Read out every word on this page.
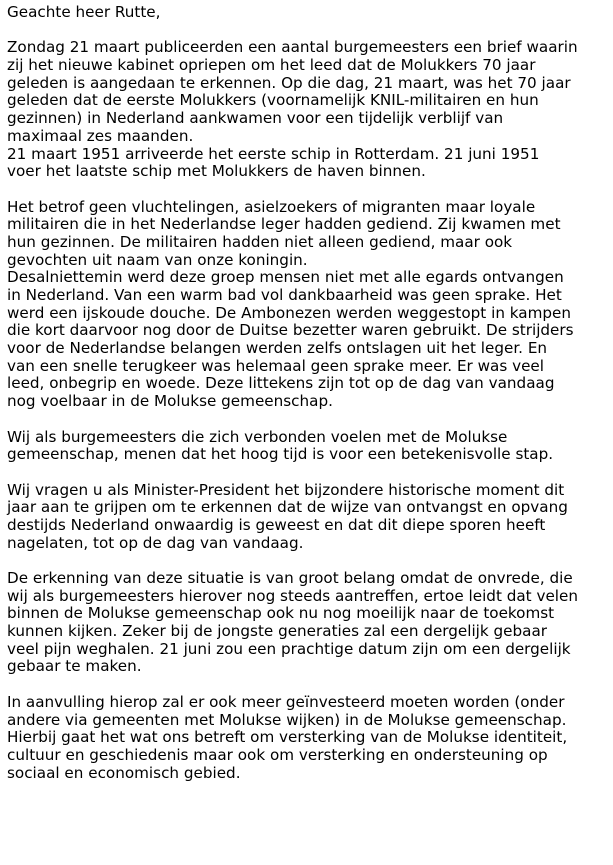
Geachte heer Rutte,
Zondag 21 maart publiceerden een aantal burgemeesters een brief waarin
zij het nieuwe kabinet opriepen om het leed dat de Molukkers 70 jaar
geleden is aangedaan te erkennen. Op die dag, 21 maart, was het 70 jaar
geleden dat de eerste Molukkers (voornamelijk KNIL-militairen en hun
gezinnen) in Nederland aankwamen voor een tijdelijk verblijf van
maximaal zes maanden.
21 maart 1951 arriveerde het eerste schip in Rotterdam. 21 juni 1951
voer het laatste schip met Molukkers de haven binnen.
Het betrof geen vluchtelingen, asielzoekers of migranten maar loyale
militairen die in het Nederlandse leger hadden gediend. Zij kwamen met
hun gezinnen. De militairen hadden niet alleen gediend, maar ook
gevochten uit naam van onze koningin.
Desalniettemin werd deze groep mensen niet met alle egards ontvangen
in Nederland. Van een warm bad vol dankbaarheid was geen sprake. Het
werd een ijskoude douche. De Ambonezen werden weggestopt in kampen
die kort daarvoor nog door de Duitse bezetter waren gebruikt. De strijders
voor de Nederlandse belangen werden zelfs ontslagen uit het leger. En
van een snelle terugkeer was helemaal geen sprake meer. Er was veel
leed, onbegrip en woede. Deze littekens zijn tot op de dag van vandaag
nog voelbaar in de Molukse gemeenschap.
Wij als burgemeesters die zich verbonden voelen met de Molukse
gemeenschap, menen dat het hoog tijd is voor een betekenisvolle stap.
Wij vragen u als Minister-President het bijzondere historische moment dit
jaar aan te grijpen om te erkennen dat de wijze van ontvangst en opvang
destijds Nederland onwaardig is geweest en dat dit diepe sporen heeft
nagelaten, tot op de dag van vandaag.
De erkenning van deze situatie is van groot belang omdat de onvrede, die
wij als burgemeesters hierover nog steeds aantreffen, ertoe leidt dat velen
binnen de Molukse gemeenschap ook nu nog moeilijk naar de toekomst
kunnen kijken. Zeker bij de jongste generaties zal een dergelijk gebaar
veel pijn weghalen. 21 juni zou een prachtige datum zijn om een dergelijk
gebaar te maken.
In aanvulling hierop zal er ook meer geïnvesteerd moeten worden (onder
andere via gemeenten met Molukse wijken) in de Molukse gemeenschap.
Hierbij gaat het wat ons betreft om versterking van de Molukse identiteit,
cultuur en geschiedenis maar ook om versterking en ondersteuning op
sociaal en economisch gebied.
